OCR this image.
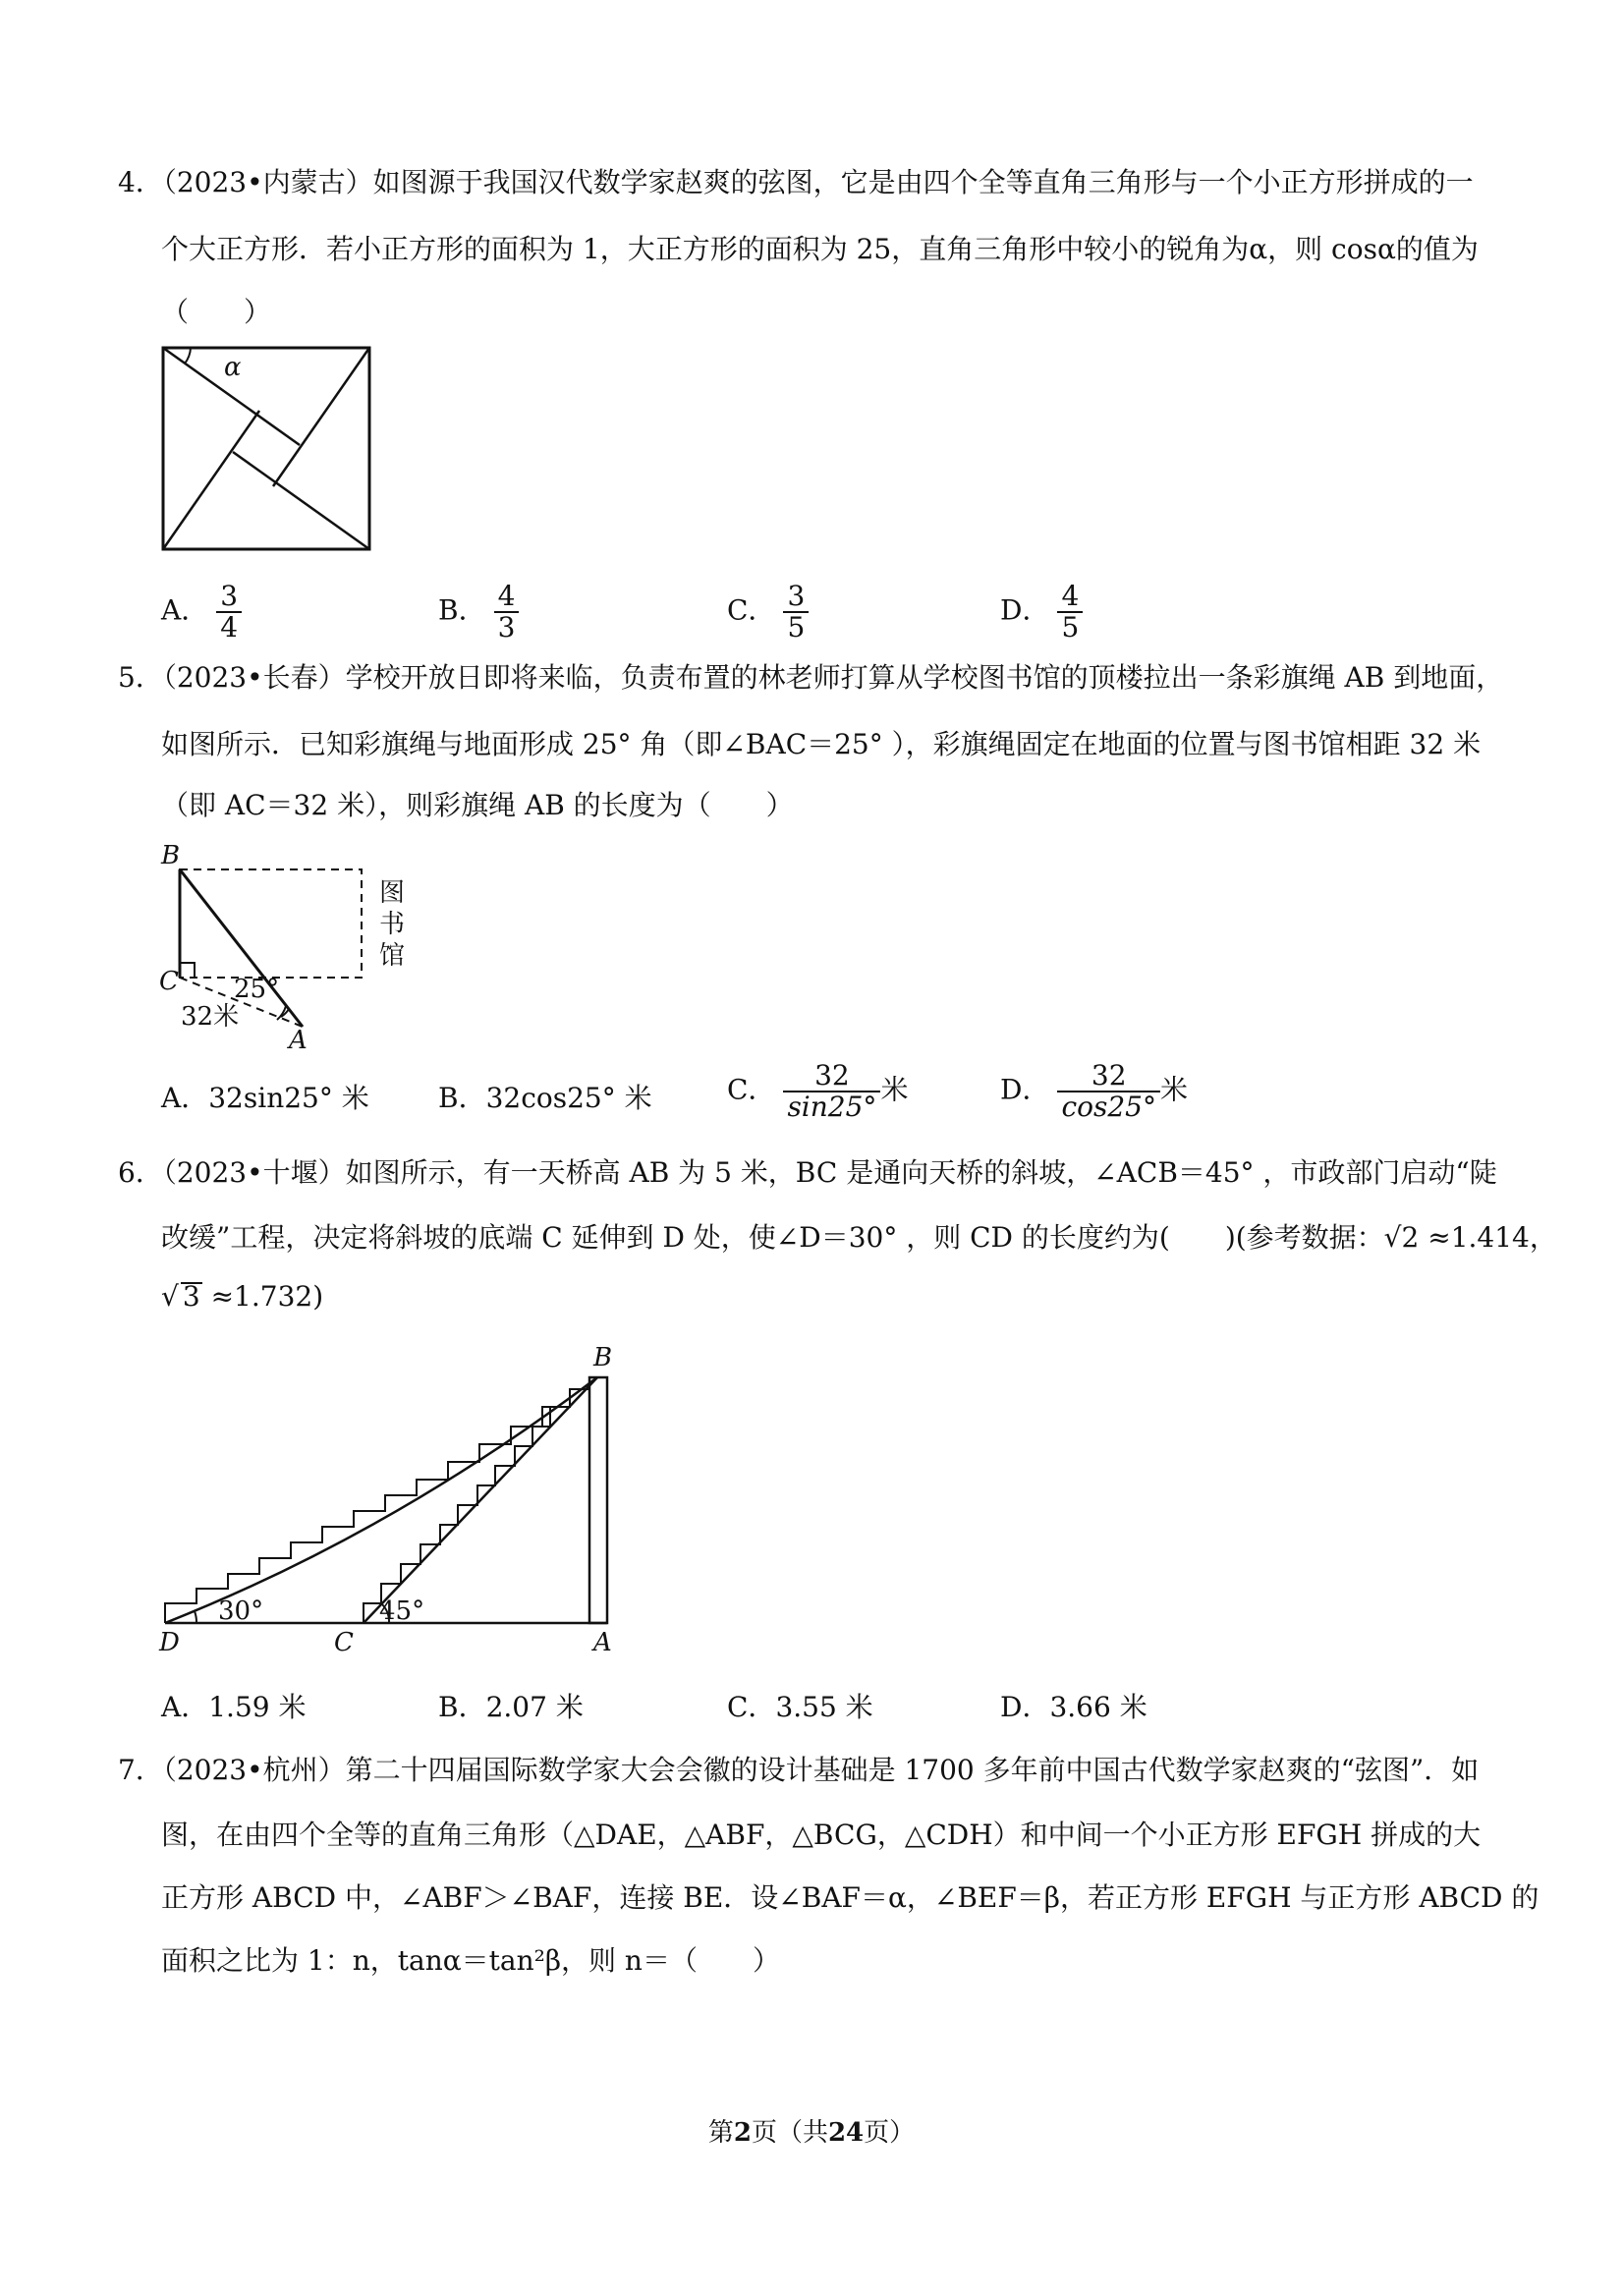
4．（2023•内蒙古）如图源于我国汉代数学家赵爽的弦图，它是由四个全等直角三角形与一个小正方形拼成的一
个大正方形．若小正方形的面积为 1，大正方形的面积为 25，直角三角形中较小的锐角为α，则 cosα的值为
（　　）
α
A． $\frac{3}{4}$	B． $\frac{4}{3}$	C． $\frac{3}{5}$	D． $\frac{4}{5}$
5．（2023•长春）学校开放日即将来临，负责布置的林老师打算从学校图书馆的顶楼拉出一条彩旗绳 AB 到地面，
如图所示．已知彩旗绳与地面形成 25° 角（即∠BAC＝25° ），彩旗绳固定在地面的位置与图书馆相距 32 米
（即 AC＝32 米），则彩旗绳 AB 的长度为（　　）
B
C
A
25°
32米
图
书
馆
A．32sin25° 米	B．32cos25° 米	C． $\frac{32}{\sin 25^\circ}$ 米	D． $\frac{32}{\cos 25^\circ}$ 米
6．（2023•十堰）如图所示，有一天桥高 AB 为 5 米，BC 是通向天桥的斜坡，∠ACB＝45° ，市政部门启动“陡
改缓”工程，决定将斜坡的底端 C 延伸到 D 处，使∠D＝30° ，则 CD 的长度约为(　　)(参考数据：√2 ≈1.414，
√ 3 ≈1.732)
B
D	C	A
30°	45°
A．1.59 米	B．2.07 米	C．3.55 米	D．3.66 米
7．（2023•杭州）第二十四届国际数学家大会会徽的设计基础是 1700 多年前中国古代数学家赵爽的“弦图”．如
图，在由四个全等的直角三角形（△DAE，△ABF，△BCG，△CDH）和中间一个小正方形 EFGH 拼成的大
正方形 ABCD 中，∠ABF＞∠BAF，连接 BE．设∠BAF＝α，∠BEF＝β，若正方形 EFGH 与正方形 ABCD 的
面积之比为 1：n，tanα＝tan²β，则 n＝（　　）
第2页（共24页）
